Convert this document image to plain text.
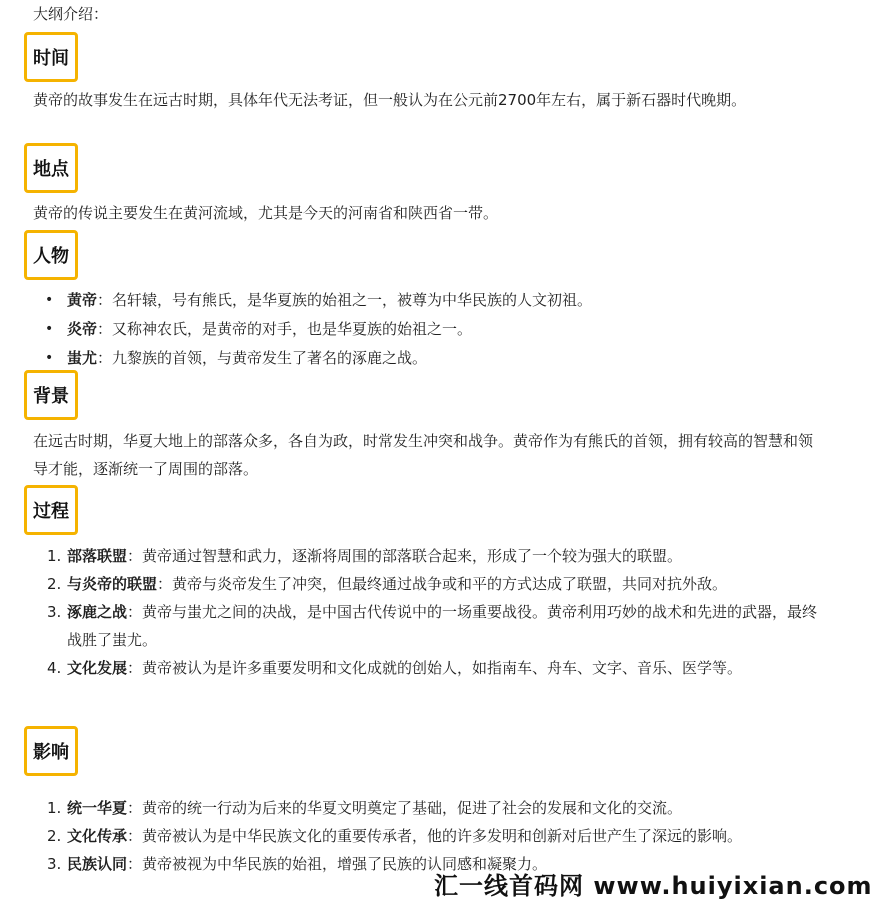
大纲介绍：
时间
黄帝的故事发生在远古时期，具体年代无法考证，但一般认为在公元前2700年左右，属于新石器时代晚期。
地点
黄帝的传说主要发生在黄河流域，尤其是今天的河南省和陕西省一带。
人物
• 黄帝：名轩辕，号有熊氏，是华夏族的始祖之一，被尊为中华民族的人文初祖。
• 炎帝：又称神农氏，是黄帝的对手，也是华夏族的始祖之一。
• 蚩尤：九黎族的首领，与黄帝发生了著名的涿鹿之战。
背景
在远古时期，华夏大地上的部落众多，各自为政，时常发生冲突和战争。黄帝作为有熊氏的首领，拥有较高的智慧和领导才能，逐渐统一了周围的部落。
过程
1. 部落联盟：黄帝通过智慧和武力，逐渐将周围的部落联合起来，形成了一个较为强大的联盟。
2. 与炎帝的联盟：黄帝与炎帝发生了冲突，但最终通过战争或和平的方式达成了联盟，共同对抗外敌。
3. 涿鹿之战：黄帝与蚩尤之间的决战，是中国古代传说中的一场重要战役。黄帝利用巧妙的战术和先进的武器，最终战胜了蚩尤。
4. 文化发展：黄帝被认为是许多重要发明和文化成就的创始人，如指南车、舟车、文字、音乐、医学等。
影响
1. 统一华夏：黄帝的统一行动为后来的华夏文明奠定了基础，促进了社会的发展和文化的交流。
2. 文化传承：黄帝被认为是中华民族文化的重要传承者，他的许多发明和创新对后世产生了深远的影响。
3. 民族认同：黄帝被视为中华民族的始祖，增强了民族的认同感和凝聚力。
汇一线首码网 www.huiyixian.com
